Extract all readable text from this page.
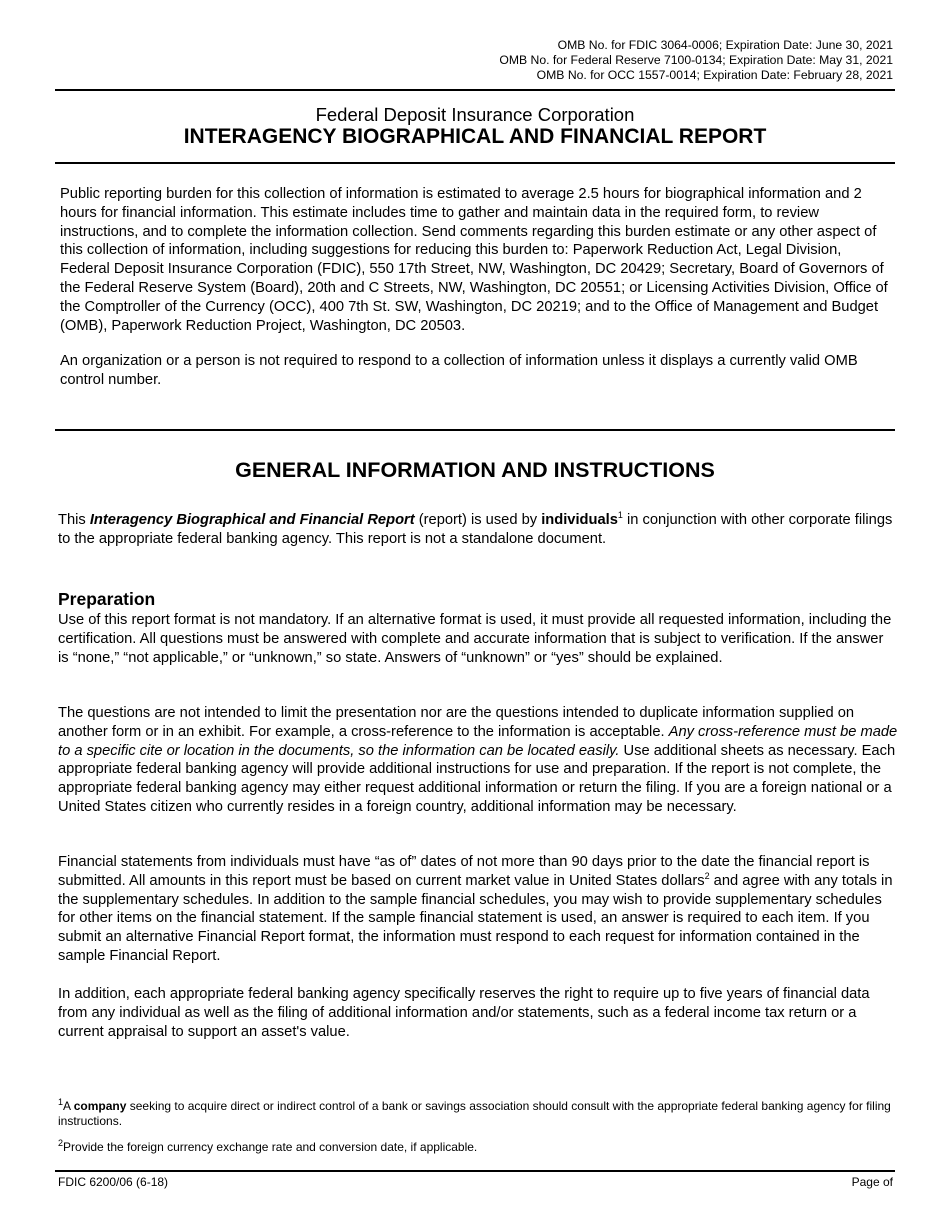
OMB No. for FDIC 3064-0006; Expiration Date: June 30, 2021
OMB No. for Federal Reserve 7100-0134; Expiration Date: May 31, 2021
OMB No. for OCC 1557-0014; Expiration Date: February 28, 2021
Federal Deposit Insurance Corporation
INTERAGENCY BIOGRAPHICAL AND FINANCIAL REPORT

Public reporting burden for this collection of information is estimated to average 2.5 hours for biographical information and 2 hours for financial information. This estimate includes time to gather and maintain data in the required form, to review instructions, and to complete the information collection. Send comments regarding this burden estimate or any other aspect of this collection of information, including suggestions for reducing this burden to: Paperwork Reduction Act, Legal Division, Federal Deposit Insurance Corporation (FDIC), 550 17th Street, NW, Washington, DC 20429; Secretary, Board of Governors of the Federal Reserve System (Board), 20th and C Streets, NW, Washington, DC 20551; or Licensing Activities Division, Office of the Comptroller of the Currency (OCC), 400 7th St. SW, Washington, DC 20219; and to the Office of Management and Budget (OMB), Paperwork Reduction Project, Washington, DC 20503.

An organization or a person is not required to respond to a collection of information unless it displays a currently valid OMB control number.

GENERAL INFORMATION AND INSTRUCTIONS

This Interagency Biographical and Financial Report (report) is used by individuals$^1$ in conjunction with other corporate filings to the appropriate federal banking agency. This report is not a standalone document.

Preparation

Use of this report format is not mandatory. If an alternative format is used, it must provide all requested information, including the certification. All questions must be answered with complete and accurate information that is subject to verification. If the answer is “none,” “not applicable,” or “unknown,” so state. Answers of “unknown” or “yes” should be explained.

The questions are not intended to limit the presentation nor are the questions intended to duplicate information supplied on another form or in an exhibit. For example, a cross-reference to the information is acceptable. Any cross-reference must be made to a specific cite or location in the documents, so the information can be located easily. Use additional sheets as necessary. Each appropriate federal banking agency will provide additional instructions for use and preparation. If the report is not complete, the appropriate federal banking agency may either request additional information or return the filing. If you are a foreign national or a United States citizen who currently resides in a foreign country, additional information may be necessary.

Financial statements from individuals must have “as of” dates of not more than 90 days prior to the date the financial report is submitted. All amounts in this report must be based on current market value in United States dollars$^2$ and agree with any totals in the supplementary schedules. In addition to the sample financial schedules, you may wish to provide supplementary schedules for other items on the financial statement. If the sample financial statement is used, an answer is required to each item. If you submit an alternative Financial Report format, the information must respond to each request for information contained in the sample Financial Report.

In addition, each appropriate federal banking agency specifically reserves the right to require up to five years of financial data from any individual as well as the filing of additional information and/or statements, such as a federal income tax return or a current appraisal to support an asset's value.

$^1$A company seeking to acquire direct or indirect control of a bank or savings association should consult with the appropriate federal banking agency for filing instructions.

$^2$Provide the foreign currency exchange rate and conversion date, if applicable.

FDIC 6200/06 (6-18)	Page of
